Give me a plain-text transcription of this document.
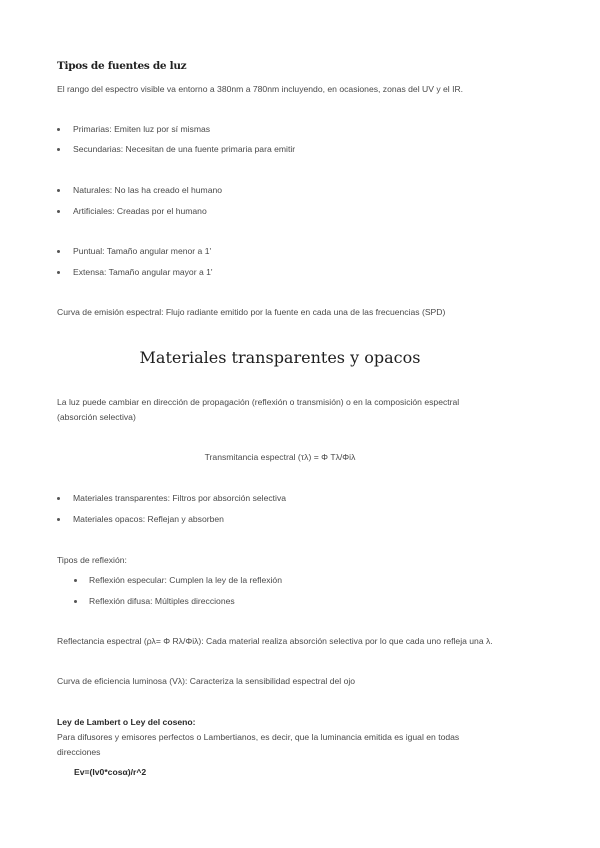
Tipos de fuentes de luz
El rango del espectro visible va entorno a 380nm a 780nm incluyendo, en ocasiones, zonas del UV y el IR.
Primarias: Emiten luz por sí mismas
Secundarias: Necesitan de una fuente primaria para emitir
Naturales: No las ha creado el humano
Artificiales: Creadas por el humano
Puntual: Tamaño angular menor a 1'
Extensa: Tamaño angular mayor a 1'
Curva de emisión espectral: Flujo radiante emitido por la fuente en cada una de las frecuencias (SPD)
Materiales transparentes y opacos
La luz puede cambiar en dirección de propagación (reflexión o transmisión) o en la composición espectral
(absorción selectiva)
Transmitancia espectral (τλ) = Φ Tλ/Φiλ
Materiales transparentes: Filtros por absorción selectiva
Materiales opacos: Reflejan y absorben
Tipos de reflexión:
Reflexión especular: Cumplen la ley de la reflexión
Reflexión difusa: Múltiples direcciones
Reflectancia espectral (ρλ= Φ Rλ/Φiλ): Cada material realiza absorción selectiva por lo que cada uno refleja una λ.
Curva de eficiencia luminosa (Vλ): Caracteriza la sensibilidad espectral del ojo
Ley de Lambert o Ley del coseno:
Para difusores y emisores perfectos o Lambertianos, es decir, que la luminancia emitida es igual en todas
direcciones
Ev=(Iv0*cosα)/r^2
